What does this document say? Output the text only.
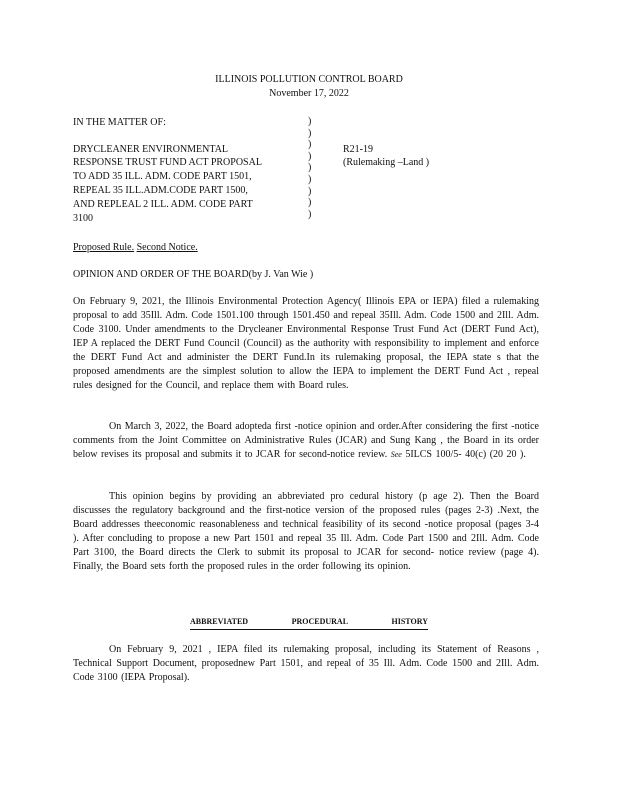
ILLINOIS POLLUTION CONTROL BOARD
November 17, 2022
IN THE MATTER OF:
DRYCLEANER ENVIRONMENTAL
RESPONSE TRUST FUND ACT PROPOSAL
TO ADD 35 ILL. ADM. CODE PART 1501,
REPEAL 35 ILL.ADM.CODE PART 1500,
AND REPLEAL 2 ILL. ADM. CODE PART
3100
)
)
)
)
)
)
)
)
)
R21-19
(Rulemaking –Land )
Proposed Rule. Second Notice.
OPINION AND ORDER OF THE BOARD(by J. Van Wie )
On February 9, 2021, the Illinois Environmental Protection Agency( Illinois EPA or IEPA) filed a rulemaking proposal to add 35Ill. Adm. Code 1501.100 through 1501.450 and repeal 35Ill. Adm. Code 1500 and 2Ill. Adm. Code 3100. Under amendments to the Drycleaner Environmental Response Trust Fund Act (DERT Fund Act), IEP A replaced the DERT Fund Council (Council) as the authority with responsibility to implement and enforce the DERT Fund Act and administer the DERT Fund.In its rulemaking proposal, the IEPA state s that the proposed amendments are the simplest solution to allow the IEPA to implement the DERT Fund Act , repeal rules designed for the Council, and replace them with Board rules.
On March 3, 2022, the Board adopteda first -notice opinion and order.After considering the first -notice comments from the Joint Committee on Administrative Rules (JCAR) and Sung Kang , the Board in its order below revises its proposal and submits it to JCAR for second-notice review. See 5ILCS 100/5- 40(c) (20 20 ).
This opinion begins by providing an abbreviated pro cedural history (p age 2). Then the Board discusses the regulatory background and the first-notice version of the proposed rules (pages 2-3) .Next, the Board addresses theeconomic reasonableness and technical feasibility of its second -notice proposal (pages 3-4 ). After concluding to propose a new Part 1501 and repeal 35 Ill. Adm. Code Part 1500 and 2Ill. Adm. Code Part 3100, the Board directs the Clerk to submit its proposal to JCAR for second- notice review (page 4). Finally, the Board sets forth the proposed rules in the order following its opinion.
ABBREVIATED	PROCEDURAL	HISTORY
On February 9, 2021 , IEPA filed its rulemaking proposal, including its Statement of Reasons , Technical Support Document, proposednew Part 1501, and repeal of 35 Ill. Adm. Code 1500 and 2Ill. Adm. Code 3100 (IEPA Proposal).
